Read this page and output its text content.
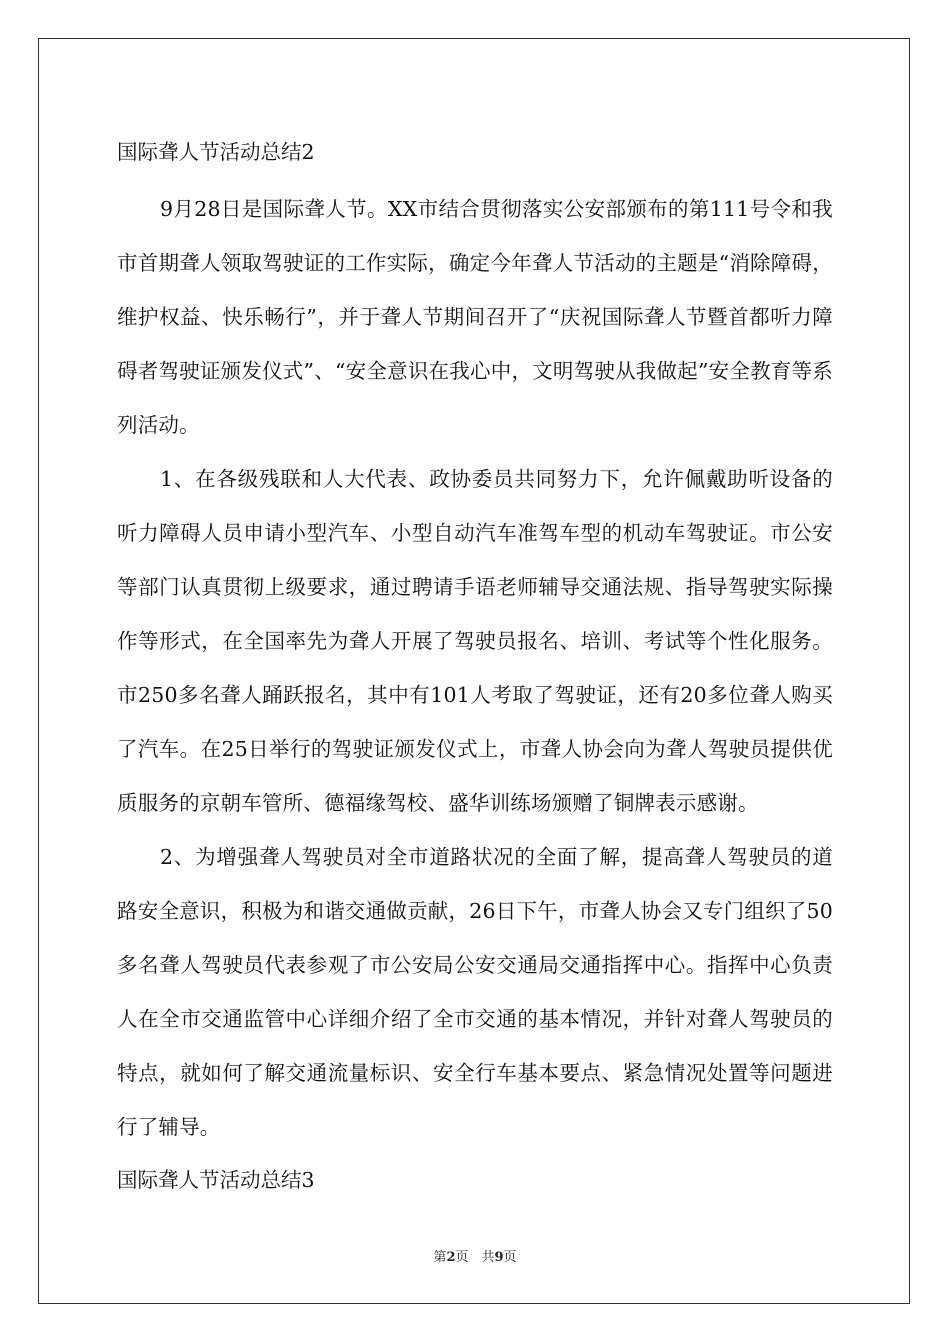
国际聋人节活动总结2

9月28日是国际聋人节。XX市结合贯彻落实公安部颁布的第111号令和我市首期聋人领取驾驶证的工作实际，确定今年聋人节活动的主题是“消除障碍，维护权益、快乐畅行”，并于聋人节期间召开了“庆祝国际聋人节暨首都听力障碍者驾驶证颁发仪式”、“安全意识在我心中，文明驾驶从我做起”安全教育等系列活动。

1、在各级残联和人大代表、政协委员共同努力下，允许佩戴助听设备的听力障碍人员申请小型汽车、小型自动汽车准驾车型的机动车驾驶证。市公安等部门认真贯彻上级要求，通过聘请手语老师辅导交通法规、指导驾驶实际操作等形式，在全国率先为聋人开展了驾驶员报名、培训、考试等个性化服务。市250多名聋人踊跃报名，其中有101人考取了驾驶证，还有20多位聋人购买了汽车。在25日举行的驾驶证颁发仪式上，市聋人协会向为聋人驾驶员提供优质服务的京朝车管所、德福缘驾校、盛华训练场颁赠了铜牌表示感谢。

2、为增强聋人驾驶员对全市道路状况的全面了解，提高聋人驾驶员的道路安全意识，积极为和谐交通做贡献，26日下午，市聋人协会又专门组织了50多名聋人驾驶员代表参观了市公安局公安交通局交通指挥中心。指挥中心负责人在全市交通监管中心详细介绍了全市交通的基本情况，并针对聋人驾驶员的特点，就如何了解交通流量标识、安全行车基本要点、紧急情况处置等问题进行了辅导。

国际聋人节活动总结3
第2页　共9页
